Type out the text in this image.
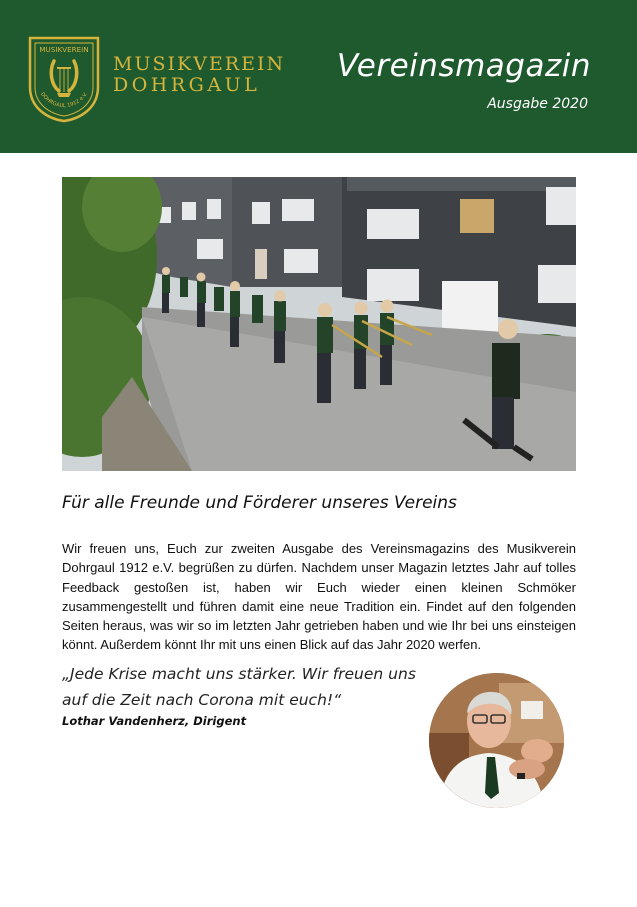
MUSIKVEREIN
DOHRGAUL 1912 e.V.
MUSIKVEREIN
DOHRGAUL
Vereinsmagazin
Ausgabe 2020
Für alle Freunde und Förderer unseres Vereins
Wir freuen uns, Euch zur zweiten Ausgabe des Vereinsmagazins des Musikverein Dohrgaul 1912 e.V. begrüßen zu dürfen. Nachdem unser Magazin letztes Jahr auf tolles Feedback gestoßen ist, haben wir Euch wieder einen kleinen Schmöker zusammengestellt und führen damit eine neue Tradition ein. Findet auf den folgenden Seiten heraus, was wir so im letzten Jahr getrieben haben und wie Ihr bei uns einsteigen könnt. Außerdem könnt Ihr mit uns einen Blick auf das Jahr 2020 werfen.
„Jede Krise macht uns stärker. Wir freuen uns auf die Zeit nach Corona mit euch!“
Lothar Vandenherz, Dirigent
